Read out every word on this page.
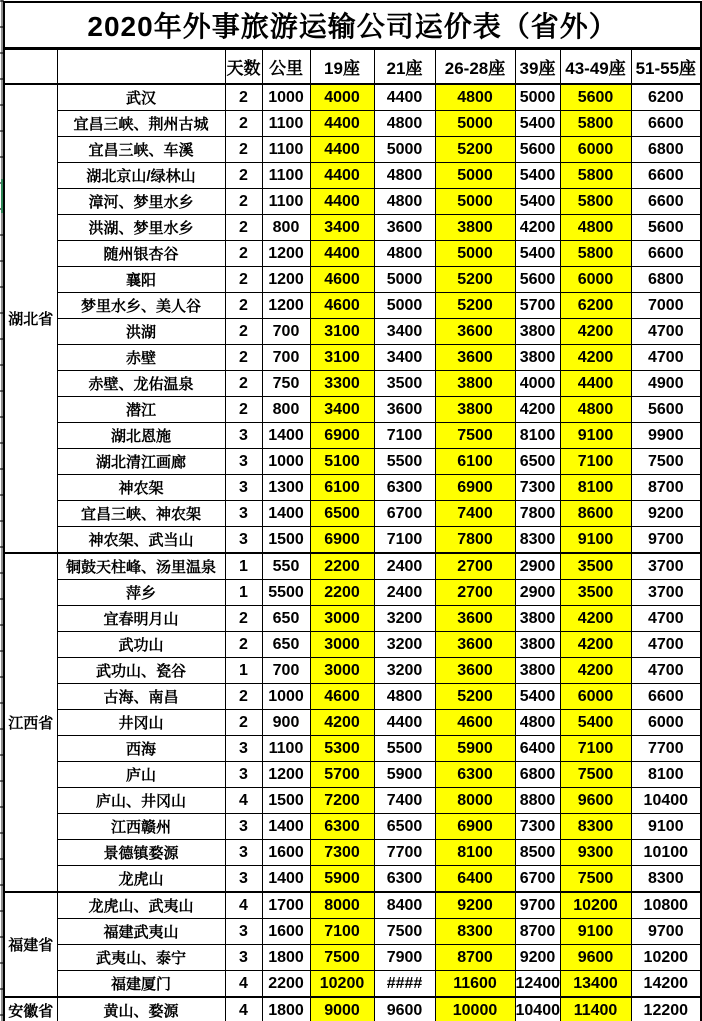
2020年外事旅游运输公司运价表（省外）									
		天数	公里	19座	21座	26-28座	39座	43-49座	51-55座
湖北省	武汉	2	1000	4000	4400	4800	5000	5600	6200
	宜昌三峡、荆州古城	2	1100	4400	4800	5000	5400	5800	6600
	宜昌三峡、车溪	2	1100	4400	5000	5200	5600	6000	6800
	湖北京山/绿林山	2	1100	4400	4800	5000	5400	5800	6600
	漳河、梦里水乡	2	1100	4400	4800	5000	5400	5800	6600
	洪湖、梦里水乡	2	800	3400	3600	3800	4200	4800	5600
	随州银杏谷	2	1200	4400	4800	5000	5400	5800	6600
	襄阳	2	1200	4600	5000	5200	5600	6000	6800
	梦里水乡、美人谷	2	1200	4600	5000	5200	5700	6200	7000
	洪湖	2	700	3100	3400	3600	3800	4200	4700
	赤壁	2	700	3100	3400	3600	3800	4200	4700
	赤壁、龙佑温泉	2	750	3300	3500	3800	4000	4400	4900
	潜江	2	800	3400	3600	3800	4200	4800	5600
	湖北恩施	3	1400	6900	7100	7500	8100	9100	9900
	湖北清江画廊	3	1000	5100	5500	6100	6500	7100	7500
	神农架	3	1300	6100	6300	6900	7300	8100	8700
	宜昌三峡、神农架	3	1400	6500	6700	7400	7800	8600	9200
	神农架、武当山	3	1500	6900	7100	7800	8300	9100	9700
江西省	铜鼓天柱峰、汤里温泉	1	550	2200	2400	2700	2900	3500	3700
	萍乡	1	5500	2200	2400	2700	2900	3500	3700
	宜春明月山	2	650	3000	3200	3600	3800	4200	4700
	武功山	2	650	3000	3200	3600	3800	4200	4700
	武功山、瓷谷	1	700	3000	3200	3600	3800	4200	4700
	古海、南昌	2	1000	4600	4800	5200	5400	6000	6600
	井冈山	2	900	4200	4400	4600	4800	5400	6000
	西海	3	1100	5300	5500	5900	6400	7100	7700
	庐山	3	1200	5700	5900	6300	6800	7500	8100
	庐山、井冈山	4	1500	7200	7400	8000	8800	9600	10400
	江西赣州	3	1400	6300	6500	6900	7300	8300	9100
	景德镇婺源	3	1600	7300	7700	8100	8500	9300	10100
	龙虎山	3	1400	5900	6300	6400	6700	7500	8300
福建省	龙虎山、武夷山	4	1700	8000	8400	9200	9700	10200	10800
	福建武夷山	3	1600	7100	7500	8300	8700	9100	9700
	武夷山、泰宁	3	1800	7500	7900	8700	9200	9600	10200
	福建厦门	4	2200	10200	####	11600	12400	13400	14200
安徽省	黄山、婺源	4	1800	9000	9600	10000	10400	11400	12200
